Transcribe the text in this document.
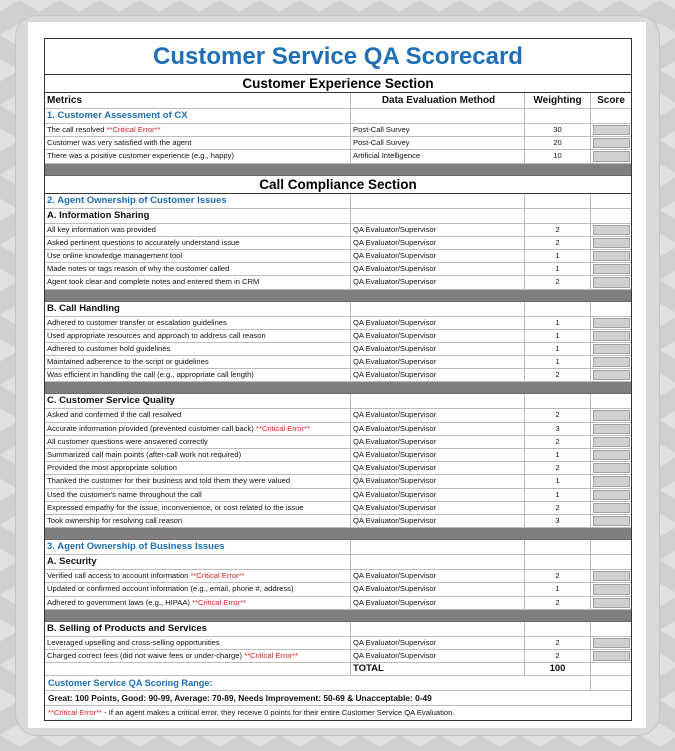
Customer Service QA Scorecard
Customer Experience Section
Metrics	Data Evaluation Method	Weighting	Score
1. Customer Assessment of CX
The call resolved **Critical Error**	Post-Call Survey	30
Customer was very satisfied with the agent	Post-Call Survey	20
There was a positive customer experience (e.g., happy)	Artificial Intelligence	10
Call Compliance Section
2. Agent Ownership of Customer Issues
A. Information Sharing
All key information was provided	QA Evaluator/Supervisor	2
Asked pertinent questions to accurately understand issue	QA Evaluator/Supervisor	2
Use online knowledge management tool	QA Evaluator/Supervisor	1
Made notes or tags reason of why the customer called	QA Evaluator/Supervisor	1
Agent took clear and complete notes and entered them in CRM	QA Evaluator/Supervisor	2
B. Call Handling
Adhered to customer transfer or escalation guidelines	QA Evaluator/Supervisor	1
Used appropriate resources and approach to address call reason	QA Evaluator/Supervisor	1
Adhered to customer hold guidelines	QA Evaluator/Supervisor	1
Maintained adherence to the script or guidelines	QA Evaluator/Supervisor	1
Was efficient in handling the call (e.g., appropriate call length)	QA Evaluator/Supervisor	2
C. Customer Service Quality
Asked and confirmed if the call resolved	QA Evaluator/Supervisor	2
Accurate information provided (prevented customer call back) **Critical Error**	QA Evaluator/Supervisor	3
All customer questions were answered correctly	QA Evaluator/Supervisor	2
Summarized call main points (after-call work not required)	QA Evaluator/Supervisor	1
Provided the most appropriate solution	QA Evaluator/Supervisor	2
Thanked the customer for their business and told them they were valued	QA Evaluator/Supervisor	1
Used the customer's name throughout the call	QA Evaluator/Supervisor	1
Expressed empathy for the issue, inconvenience, or cost related to the issue	QA Evaluator/Supervisor	2
Took ownership for resolving call reason	QA Evaluator/Supervisor	3
3. Agent Ownership of Business Issues
A. Security
Verified call access to account information **Critical Error**	QA Evaluator/Supervisor	2
Updated or confirmed account information (e.g., email, phone #, address)	QA Evaluator/Supervisor	1
Adhered to government laws (e.g., HIPAA) **Critical Error**	QA Evaluator/Supervisor	2
B. Selling of Products and Services
Leveraged upselling and cross-selling opportunities	QA Evaluator/Supervisor	2
Charged correct fees (did not waive fees or under-charge) **Critical Error**	QA Evaluator/Supervisor	2
TOTAL	100
Customer Service QA Scoring Range:
Great: 100 Points, Good: 90-99, Average: 70-89, Needs Improvement: 50-69 & Unacceptable: 0-49
**Critical Error** - If an agent makes a critical error, they receive 0 points for their entire Customer Service QA Evaluation.
